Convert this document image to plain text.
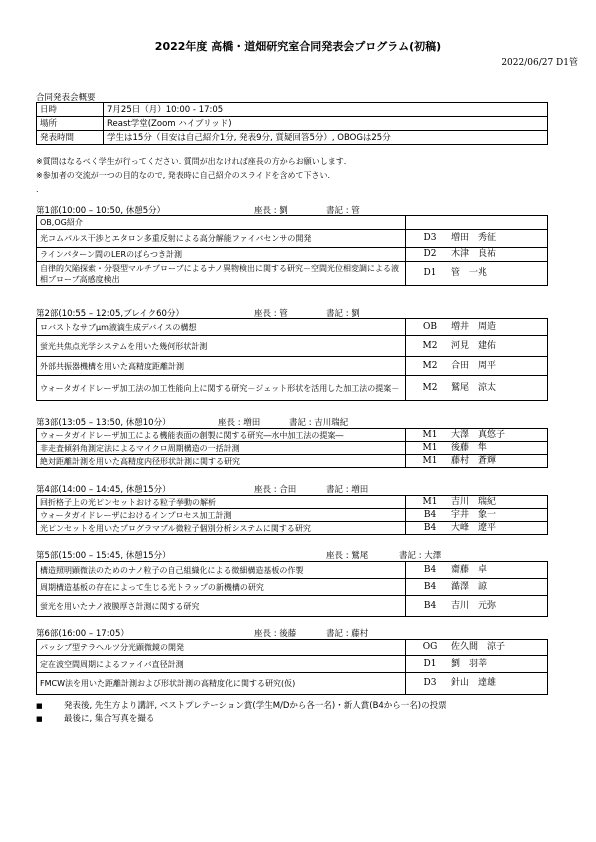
2022年度 高橋・道畑研究室合同発表会プログラム(初稿)
2022/06/27 D1管
合同発表会概要
日時	7月25日（月）10:00 - 17:05
場所	Reast学堂(Zoom ハイブリッド)
発表時間	学生は15分（目安は自己紹介1分, 発表9分, 質疑回答5分）, OBOGは25分
※質問はなるべく学生が行ってください. 質問が出なければ座長の方からお願いします.
※参加者の交流が一つの目的なので, 発表時に自己紹介のスライドを含めて下さい.
.
第1部(10:00 – 10:50, 休憩5分）	座長 : 劉	書記 : 管
OB,OG紹介	
光コムパルス干渉とエタロン多重反射による高分解能ファイバセンサの開発	D3 増田　秀征
ラインパターン間のLERのばらつき計測	D2 木津　良祐
自律的欠陥探索・分裂型マルチプローブによるナノ異物検出に関する研究－空間光位相変調による液相プローブ高感度検出	D1 管　一兆
第2部(10:55 – 12:05,ブレイク60分）	座長 : 管	書記 : 劉
ロバストなサブμm液滴生成デバイスの構想	OB 増井　周造
蛍光共焦点光学システムを用いた幾何形状計測	M2 河見　建佑
外部共振器機構を用いた高精度距離計測	M2 合田　周平
ウォータガイドレーザ加工法の加工性能向上に関する研究－ジェット形状を活用した加工法の提案－	M2 鷲尾　涼太
第3部(13:05 – 13:50, 休憩10分）	座長 : 増田	書記 : 吉川瑞紀
ウォータガイドレーザ加工による機能表面の創製に関する研究―水中加工法の提案―	M1 大澤　真悠子
非走査傾斜角測定法によるマイクロ周期構造の一括計測	M1 後藤　隼
絶対距離計測を用いた高精度内径形状計測に関する研究	M1 藤村　蒼輝
第4部(14:00 – 14:45, 休憩15分）	座長 : 合田	書記 : 増田
回折格子上の光ピンセットおける粒子挙動の解析	M1 吉川　瑞紀
ウォータガイドレーザにおけるインプロセス加工計測	B4 宇井　象一
光ピンセットを用いたプログラマブル微粒子個別分析システムに関する研究	B4 大峰　遼平
第5部(15:00 – 15:45, 休憩15分）	座長 : 鷲尾	書記 : 大澤
構造照明顕微法のためのナノ粒子の自己組織化による微細構造基板の作製	B4 齋藤　卓
周期構造基板の存在によって生じる光トラップの新機構の研究	B4 澔澤　諒
蛍光を用いたナノ液膜厚さ計測に関する研究	B4 吉川　元弥
第6部(16:00 – 17:05）	座長 : 後藤	書記 : 藤村
パッシブ型テラヘルツ分光顕微鏡の開発	OG 佐久間　涼子
定在波空間周期によるファイバ直径計測	D1 劉　羽莘
FMCW法を用いた距離計測および形状計測の高精度化に関する研究(仮)	D3 針山　達雄
■	発表後, 先生方より講評, ベストプレテーション賞(学生M/Dから各一名)・新人賞(B4から一名)の投票
■	最後に, 集合写真を撮る
